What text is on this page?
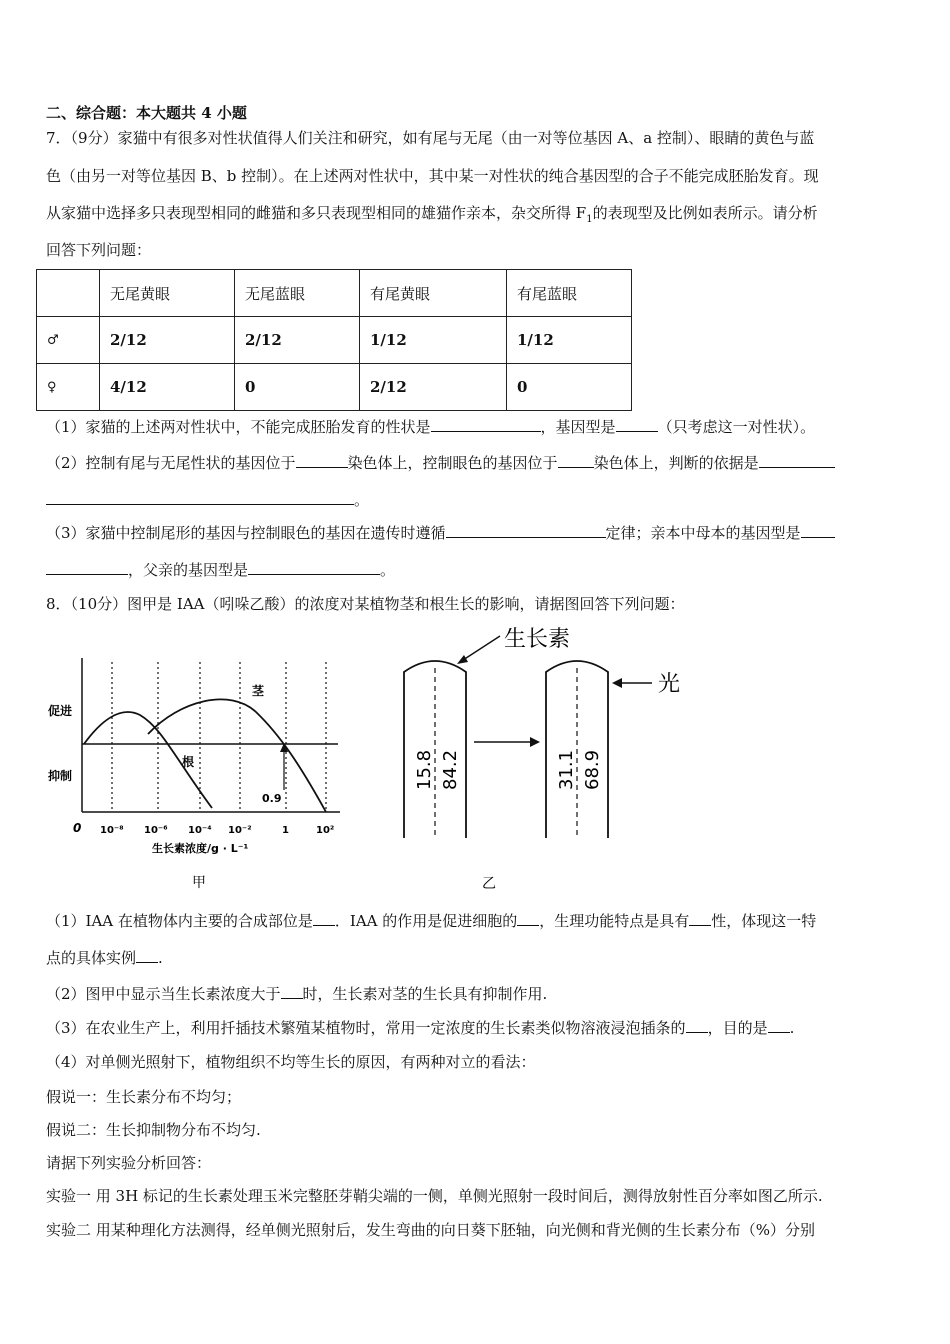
二、综合题：本大题共 4 小题
7．（9分）家猫中有很多对性状值得人们关注和研究，如有尾与无尾（由一对等位基因 A、a 控制）、眼睛的黄色与蓝
色（由另一对等位基因 B、b 控制）。在上述两对性状中，其中某一对性状的纯合基因型的合子不能完成胚胎发育。现
从家猫中选择多只表现型相同的雌猫和多只表现型相同的雄猫作亲本，杂交所得 $F_1$的表现型及比例如表所示。请分析
回答下列问题：
	无尾黄眼	无尾蓝眼	有尾黄眼	有尾蓝眼
♂	2/12	2/12	1/12	1/12
♀	4/12	0	2/12	0
（1）家猫的上述两对性状中，不能完成胚胎发育的性状是	，基因型是	（只考虑这一对性状）。
（2）控制有尾与无尾性状的基因位于	染色体上，控制眼色的基因位于 染色体上，判断的依据是
。
（3）家猫中控制尾形的基因与控制眼色的基因在遗传时遵循	定律；亲本中母本的基因型是
，父亲的基因型是	。
8．（10分）图甲是 IAA（吲哚乙酸）的浓度对某植物茎和根生长的影响，请据图回答下列问题：
促进
抑制
茎
根
0.9
0 10⁻⁸ 10⁻⁶ 10⁻⁴ 10⁻²	1	10²
生长素浓度/g · L⁻¹
甲
生长素
15.8 84.2
光
31.1 68.9
乙
（1）IAA 在植物体内主要的合成部位是 ．IAA 的作用是促进细胞的 ，生理功能特点是具有 性，体现这一特
点的具体实例 .
（2）图甲中显示当生长素浓度大于 时，生长素对茎的生长具有抑制作用.
（3）在农业生产上，利用扦插技术繁殖某植物时，常用一定浓度的生长素类似物溶液浸泡插条的 ，目的是 .
（4）对单侧光照射下，植物组织不均等生长的原因，有两种对立的看法：
假说一：生长素分布不均匀；
假说二：生长抑制物分布不均匀.
请据下列实验分析回答：
实验一 用 3H 标记的生长素处理玉米完整胚芽鞘尖端的一侧，单侧光照射一段时间后，测得放射性百分率如图乙所示.
实验二 用某种理化方法测得，经单侧光照射后，发生弯曲的向日葵下胚轴，向光侧和背光侧的生长素分布（%）分别
